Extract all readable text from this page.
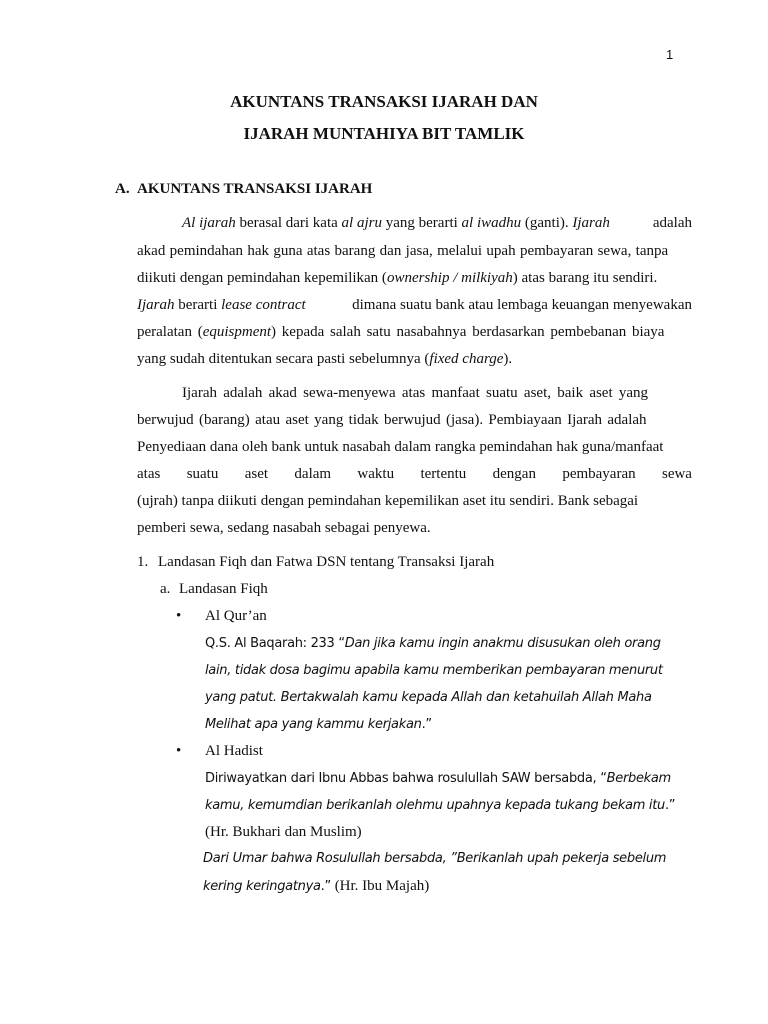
1
AKUNTANS TRANSAKSI IJARAH DAN
IJARAH MUNTAHIYA BIT TAMLIK
A. AKUNTANS TRANSAKSI IJARAH
Al ijarah berasal dari kata al ajru yang berarti al iwadhu (ganti). Ijarah	adalah
akad pemindahan hak guna atas barang dan jasa, melalui upah pembayaran sewa, tanpa
diikuti dengan pemindahan kepemilikan (ownership / milkiyah) atas barang itu sendiri.
Ijarah berarti lease contract	dimana suatu bank atau lembaga keuangan menyewakan
peralatan (equispment) kepada salah satu nasabahnya berdasarkan pembebanan biaya
yang sudah ditentukan secara pasti sebelumnya (fixed charge).
Ijarah adalah akad sewa-menyewa atas manfaat suatu aset, baik aset yang
berwujud (barang) atau aset yang tidak berwujud (jasa). Pembiayaan Ijarah adalah
Penyediaan dana oleh bank untuk nasabah dalam rangka pemindahan hak guna/manfaat
atas suatu aset dalam waktu tertentu dengan pembayaran sewa
(ujrah) tanpa diikuti dengan pemindahan kepemilikan aset itu sendiri. Bank sebagai
pemberi sewa, sedang nasabah sebagai penyewa.
1. Landasan Fiqh dan Fatwa DSN tentang Transaksi Ijarah
a. Landasan Fiqh
• Al Qur’an
Q.S. Al Baqarah: 233 “Dan jika kamu ingin anakmu disusukan oleh orang
lain, tidak dosa bagimu apabila kamu memberikan pembayaran menurut
yang patut. Bertakwalah kamu kepada Allah dan ketahuilah Allah Maha
Melihat apa yang kammu kerjakan.”
• Al Hadist
Diriwayatkan dari Ibnu Abbas bahwa rosulullah SAW bersabda, “Berbekam
kamu, kemumdian berikanlah olehmu upahnya kepada tukang bekam itu.”
(Hr. Bukhari dan Muslim)
Dari Umar bahwa Rosulullah bersabda, ”Berikanlah upah pekerja sebelum
kering keringatnya.” (Hr. Ibu Majah)
